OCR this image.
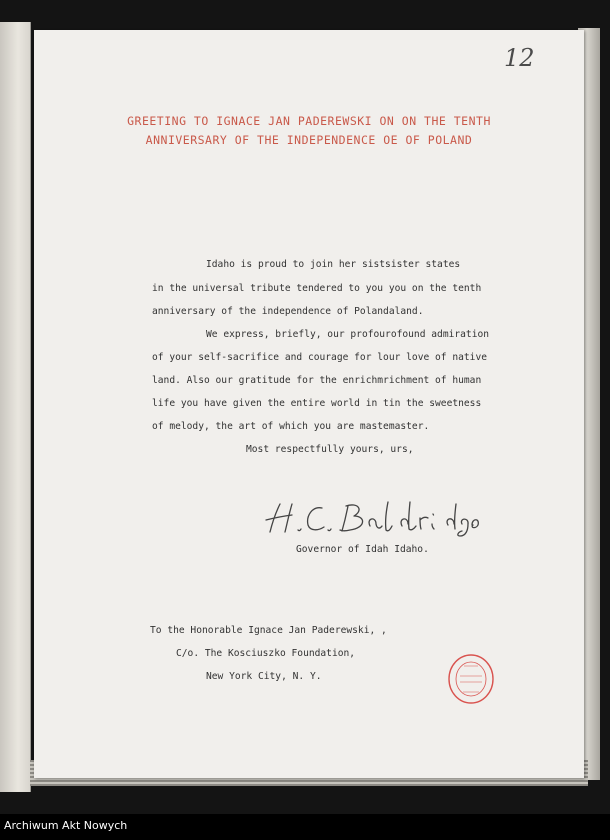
12
GREETING TO IGNACE JAN PADEREWSKI ON ON THE TENTH
ANNIVERSARY OF THE INDEPENDENCE OE OF POLAND
Idaho is proud to join her sistsister states
in the universal tribute tendered to you you on the tenth
anniversary of the independence of Polandaland.
We express, briefly, our profourofound admiration
of your self-sacrifice and courage for lour love of native
land. Also our gratitude for the enrichmrichment of human
life you have given the entire world in tin the sweetness
of melody, the art of which you are mastemaster.
Most respectfully yours, urs,
Governor of Idah Idaho.
To the Honorable Ignace Jan Paderewski, ,
C/o. The Kosciuszko Foundation,
New York City, N. Y.
Archiwum Akt Nowych
